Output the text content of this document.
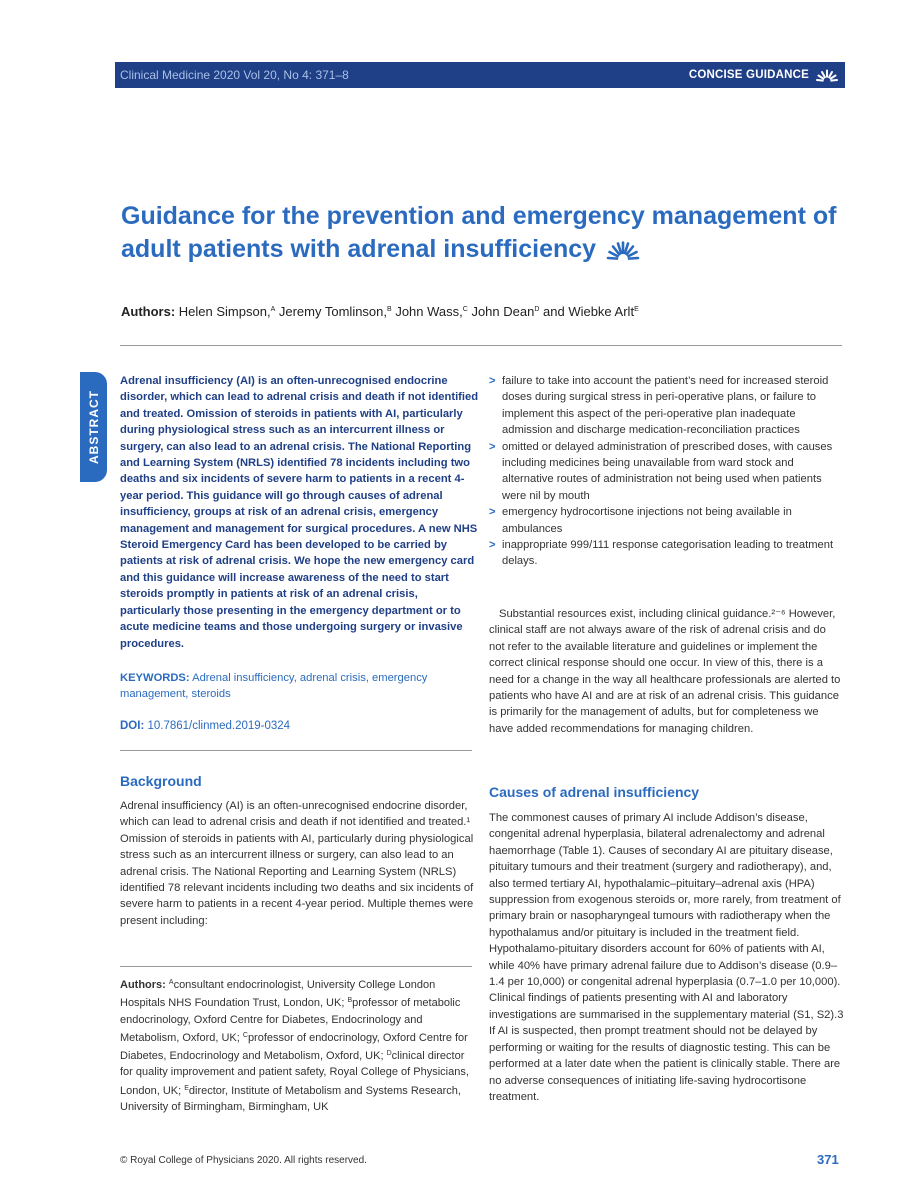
Clinical Medicine 2020 Vol 20, No 4: 371–8	CONCISE GUIDANCE
Guidance for the prevention and emergency management of adult patients with adrenal insufficiency
Authors: Helen Simpson,$^A$ Jeremy Tomlinson,$^B$ John Wass,$^C$ John Dean$^D$ and Wiebke Arlt$^E$
ABSTRACT

Adrenal insufficiency (AI) is an often-unrecognised endocrine disorder, which can lead to adrenal crisis and death if not identified and treated. Omission of steroids in patients with AI, particularly during physiological stress such as an intercurrent illness or surgery, can also lead to an adrenal crisis. The National Reporting and Learning System (NRLS) identified 78 incidents including two deaths and six incidents of severe harm to patients in a recent 4-year period. This guidance will go through causes of adrenal insufficiency, groups at risk of an adrenal crisis, emergency management and management for surgical procedures. A new NHS Steroid Emergency Card has been developed to be carried by patients at risk of adrenal crisis. We hope the new emergency card and this guidance will increase awareness of the need to start steroids promptly in patients at risk of an adrenal crisis, particularly those presenting in the emergency department or to acute medicine teams and those undergoing surgery or invasive procedures.

KEYWORDS: Adrenal insufficiency, adrenal crisis, emergency management, steroids

DOI: 10.7861/clinmed.2019-0324

Background

Adrenal insufficiency (AI) is an often-unrecognised endocrine disorder, which can lead to adrenal crisis and death if not identified and treated.¹ Omission of steroids in patients with AI, particularly during physiological stress such as an intercurrent illness or surgery, can also lead to an adrenal crisis. The National Reporting and Learning System (NRLS) identified 78 relevant incidents including two deaths and six incidents of severe harm to patients in a recent 4-year period. Multiple themes were present including:

Authors: $^A$consultant endocrinologist, University College London Hospitals NHS Foundation Trust, London, UK; $^B$professor of metabolic endocrinology, Oxford Centre for Diabetes, Endocrinology and Metabolism, Oxford, UK; $^C$professor of endocrinology, Oxford Centre for Diabetes, Endocrinology and Metabolism, Oxford, UK; $^D$clinical director for quality improvement and patient safety, Royal College of Physicians, London, UK; $^E$director, Institute of Metabolism and Systems Research, University of Birmingham, Birmingham, UK

> failure to take into account the patient’s need for increased steroid doses during surgical stress in peri-operative plans, or failure to implement this aspect of the peri-operative plan inadequate admission and discharge medication-reconciliation practices
> omitted or delayed administration of prescribed doses, with causes including medicines being unavailable from ward stock and alternative routes of administration not being used when patients were nil by mouth
> emergency hydrocortisone injections not being available in ambulances
> inappropriate 999/111 response categorisation leading to treatment delays.

Substantial resources exist, including clinical guidance.²⁻⁶ However, clinical staff are not always aware of the risk of adrenal crisis and do not refer to the available literature and guidelines or implement the correct clinical response should one occur. In view of this, there is a need for a change in the way all healthcare professionals are alerted to patients who have AI and are at risk of an adrenal crisis. This guidance is primarily for the management of adults, but for completeness we have added recommendations for managing children.

Causes of adrenal insufficiency

The commonest causes of primary AI include Addison’s disease, congenital adrenal hyperplasia, bilateral adrenalectomy and adrenal haemorrhage (Table 1). Causes of secondary AI are pituitary disease, pituitary tumours and their treatment (surgery and radiotherapy), and, also termed tertiary AI, hypothalamic–pituitary–adrenal axis (HPA) suppression from exogenous steroids or, more rarely, from treatment of primary brain or nasopharyngeal tumours with radiotherapy when the hypothalamus and/or pituitary is included in the treatment field. Hypothalamo-pituitary disorders account for 60% of patients with AI, while 40% have primary adrenal failure due to Addison’s disease (0.9–1.4 per 10,000) or congenital adrenal hyperplasia (0.7–1.0 per 10,000). Clinical findings of patients presenting with AI and laboratory investigations are summarised in the supplementary material (S1, S2).3 If AI is suspected, then prompt treatment should not be delayed by performing or waiting for the results of diagnostic testing. This can be performed at a later date when the patient is clinically stable. There are no adverse consequences of initiating life-saving hydrocortisone treatment.

© Royal College of Physicians 2020. All rights reserved.	371
